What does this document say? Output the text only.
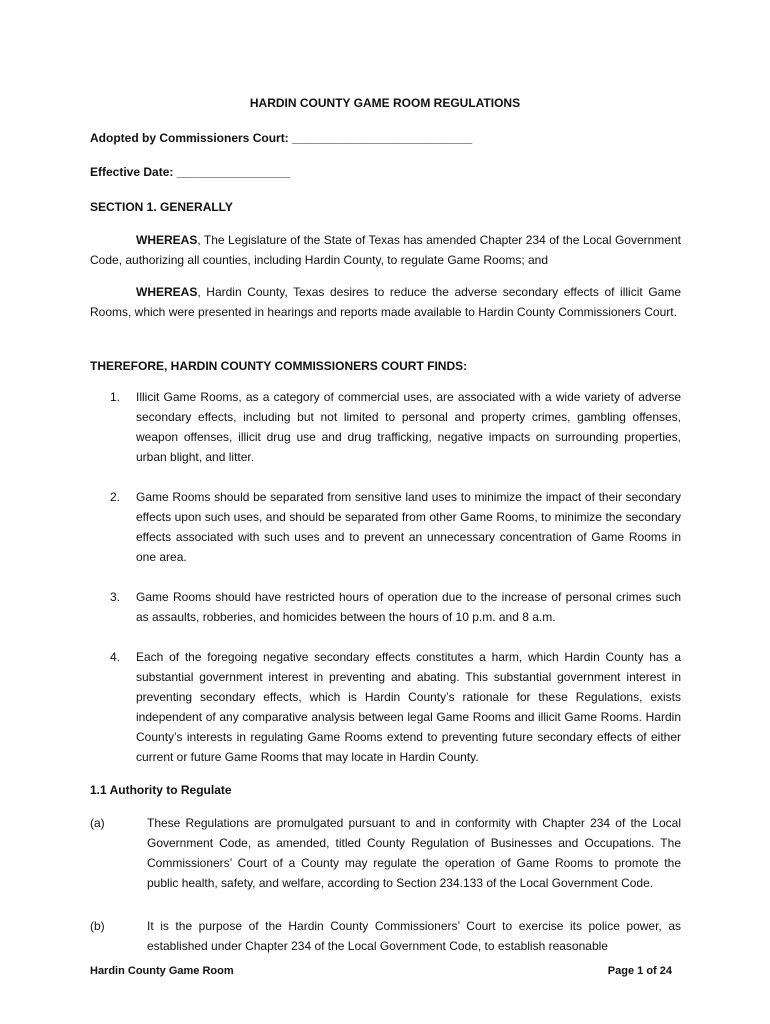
HARDIN COUNTY GAME ROOM REGULATIONS
Adopted by Commissioners Court: ___________________________
Effective Date: _________________
SECTION 1. GENERALLY
WHEREAS, The Legislature of the State of Texas has amended Chapter 234 of the Local Government Code, authorizing all counties, including Hardin County, to regulate Game Rooms; and
WHEREAS, Hardin County, Texas desires to reduce the adverse secondary effects of illicit Game Rooms, which were presented in hearings and reports made available to Hardin County Commissioners Court.
THEREFORE, HARDIN COUNTY COMMISSIONERS COURT FINDS:
1.	Illicit Game Rooms, as a category of commercial uses, are associated with a wide variety of adverse secondary effects, including but not limited to personal and property crimes, gambling offenses, weapon offenses, illicit drug use and drug trafficking, negative impacts on surrounding properties, urban blight, and litter.
2.	Game Rooms should be separated from sensitive land uses to minimize the impact of their secondary effects upon such uses, and should be separated from other Game Rooms, to minimize the secondary effects associated with such uses and to prevent an unnecessary concentration of Game Rooms in one area.
3.	Game Rooms should have restricted hours of operation due to the increase of personal crimes such as assaults, robberies, and homicides between the hours of 10 p.m. and 8 a.m.
4.	Each of the foregoing negative secondary effects constitutes a harm, which Hardin County has a substantial government interest in preventing and abating. This substantial government interest in preventing secondary effects, which is Hardin County’s rationale for these Regulations, exists independent of any comparative analysis between legal Game Rooms and illicit Game Rooms. Hardin County’s interests in regulating Game Rooms extend to preventing future secondary effects of either current or future Game Rooms that may locate in Hardin County.
1.1 Authority to Regulate
(a)	These Regulations are promulgated pursuant to and in conformity with Chapter 234 of the Local Government Code, as amended, titled County Regulation of Businesses and Occupations. The Commissioners’ Court of a County may regulate the operation of Game Rooms to promote the public health, safety, and welfare, according to Section 234.133 of the Local Government Code.
(b)	It is the purpose of the Hardin County Commissioners’ Court to exercise its police power, as established under Chapter 234 of the Local Government Code, to establish reasonable
Hardin County Game Room	Page 1 of 24
